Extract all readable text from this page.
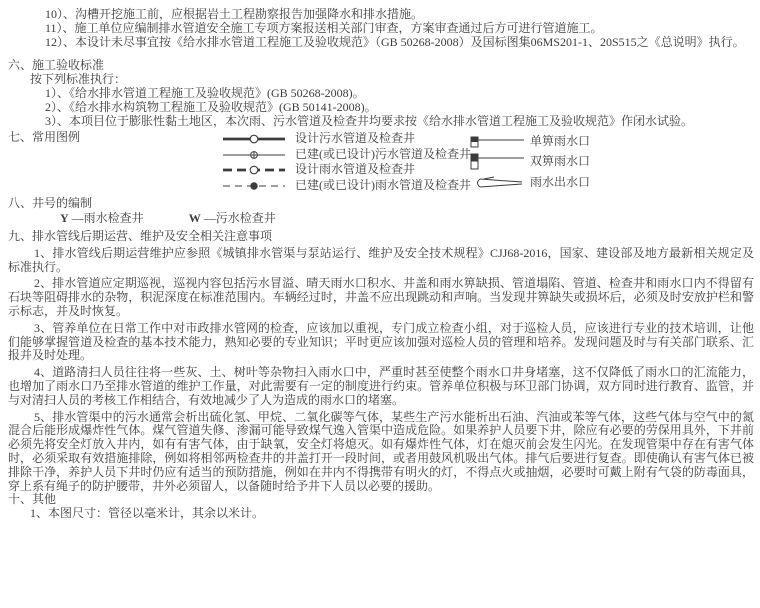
10）、沟槽开挖施工前，应根据岩土工程勘察报告加强降水和排水措施。

11）、施工单位应编制排水管道安全施工专项方案报送相关部门审查，方案审查通过后方可进行管道施工。

12）、本设计未尽事宜按《给水排水管道工程施工及验收规范》（GB 50268-2008）及国标图集06MS201-1、20S515之《总说明》执行。

六、施工验收标准

按下列标准执行：

1）、《给水排水管道工程施工及验收规范》(GB 50268-2008)。

2）、《给水排水构筑物工程施工及验收规范》(GB 50141-2008)。

3）、本项目位于膨胀性黏土地区，本次雨、污水管道及检查井均要求按《给水排水管道工程施工及验收规范》作闭水试验。

七、常用图例	设计污水管道及检查井
已建(或已设计)污水管道及检查井
设计雨水管道及检查井
已建(或已设计)雨水管道及检查井
单箅雨水口
双箅雨水口
雨水出水口

八、井号的编制

Y —雨水检查井	W —污水检查井

九、排水管线后期运营、维护及安全相关注意事项

1、排水管线后期运营维护应参照《城镇排水管渠与泵站运行、维护及安全技术规程》CJJ68-2016，国家、建设部及地方最新相关规定及标准执行。

2、排水管道应定期巡视，巡视内容包括污水冒溢、晴天雨水口积水、井盖和雨水箅缺损、管道塌陷、管道、检查井和雨水口内不得留有石块等阻碍排水的杂物，积泥深度在标准范围内。车辆经过时，井盖不应出现跳动和声响。当发现井箅缺失或损坏后，必须及时安放护栏和警示标志，并及时恢复。

3、管养单位在日常工作中对市政排水管网的检查，应该加以重视，专门成立检查小组，对于巡检人员，应该进行专业的技术培训，让他们能够掌握管道及检查的基本技术能力，熟知必要的专业知识；平时更应该加强对巡检人员的管理和培养。发现问题及时与有关部门联系、汇报并及时处理。

4、道路清扫人员往往将一些灰、土、树叶等杂物扫入雨水口中，严重时甚至使整个雨水口井身堵塞，这不仅降低了雨水口的汇流能力，也增加了雨水口乃至排水管道的维护工作量，对此需要有一定的制度进行约束。管养单位积极与环卫部门协调，双方同时进行教育、监管，并与对清扫人员的考核工作相结合，有效地减少了人为造成的雨水口的堵塞。

5、排水管渠中的污水通常会析出硫化氢、甲烷、二氧化碳等气体，某些生产污水能析出石油、汽油或苯等气体，这些气体与空气中的氮混合后能形成爆炸性气体。煤气管道失修、渗漏可能导致煤气逸入管渠中造成危险。如果养护人员要下井，除应有必要的劳保用具外，下井前必须先将安全灯放入井内，如有有害气体，由于缺氧，安全灯将熄灭。如有爆炸性气体，灯在熄灭前会发生闪光。在发现管渠中存在有害气体时，必须采取有效措施排除，例如将相邻两检查井的井盖打开一段时间，或者用鼓风机吸出气体。排气后要进行复查。即使确认有害气体已被排除干净，养护人员下井时仍应有适当的预防措施，例如在井内不得携带有明火的灯，不得点火或抽烟，必要时可戴上附有气袋的防毒面具，穿上系有绳子的防护腰带，井外必须留人，以备随时给予井下人员以必要的援助。

十、其他

1、本图尺寸：管径以毫米计，其余以米计。
